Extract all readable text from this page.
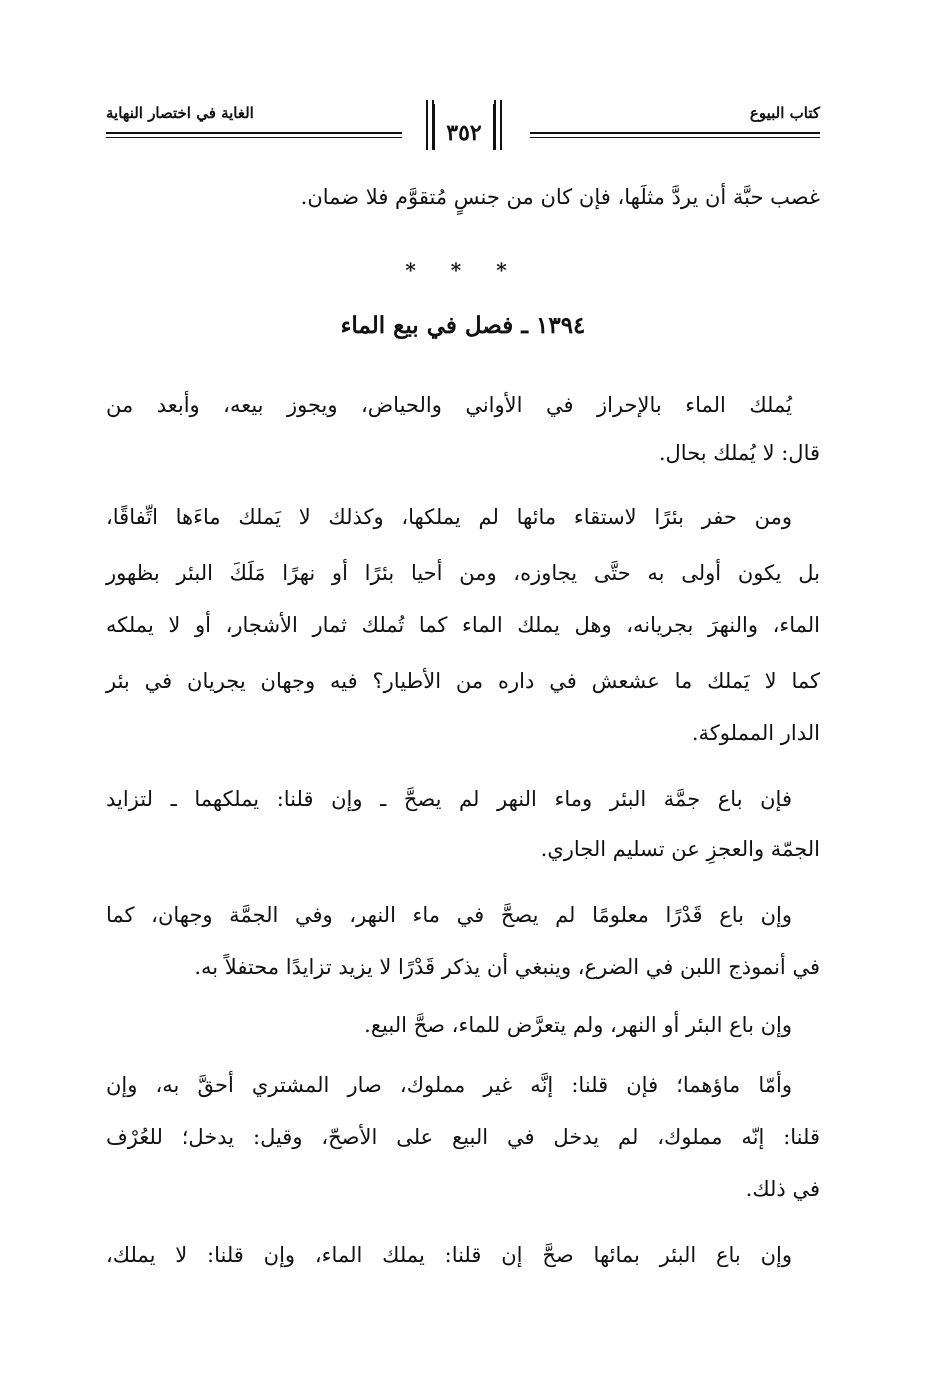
كتاب البيوع
الغاية في اختصار النهاية
٣٥٢
غصب حبَّة أن يردَّ مثلَها، فإن كان من جنسٍ مُتقوَّم فلا ضمان.
* * *
١٣٩٤ ـ فصل في بيع الماء
يُملك الماء بالإحراز في الأواني والحياض، ويجوز بيعه، وأبعد من
قال: لا يُملك بحال.
ومن حفر بئرًا لاستقاء مائها لم يملكها، وكذلك لا يَملك ماءَها اتِّفاقًا،
بل يكون أولى به حتَّى يجاوزه، ومن أحيا بئرًا أو نهرًا مَلَكَ البئر بظهور
الماء، والنهرَ بجريانه، وهل يملك الماء كما تُملك ثمار الأشجار، أو لا يملكه
كما لا يَملك ما عشعش في داره من الأطيار؟ فيه وجهان يجريان في بئر
الدار المملوكة.
فإن باع جمَّة البئر وماء النهر لم يصحَّ ـ وإن قلنا: يملكهما ـ لتزايد
الجمّة والعجزِ عن تسليم الجاري.
وإن باع قَدْرًا معلومًا لم يصحَّ في ماء النهر، وفي الجمَّة وجهان، كما
في أنموذج اللبن في الضرع، وينبغي أن يذكر قَدْرًا لا يزيد تزايدًا محتفلاً به.
وإن باع البئر أو النهر، ولم يتعرَّض للماء، صحَّ البيع.
وأمّا ماؤهما؛ فإن قلنا: إنَّه غير مملوك، صار المشتري أحقَّ به، وإن
قلنا: إنّه مملوك، لم يدخل في البيع على الأصحّ، وقيل: يدخل؛ للعُرْف
في ذلك.
وإن باع البئر بمائها صحَّ إن قلنا: يملك الماء، وإن قلنا: لا يملك،
